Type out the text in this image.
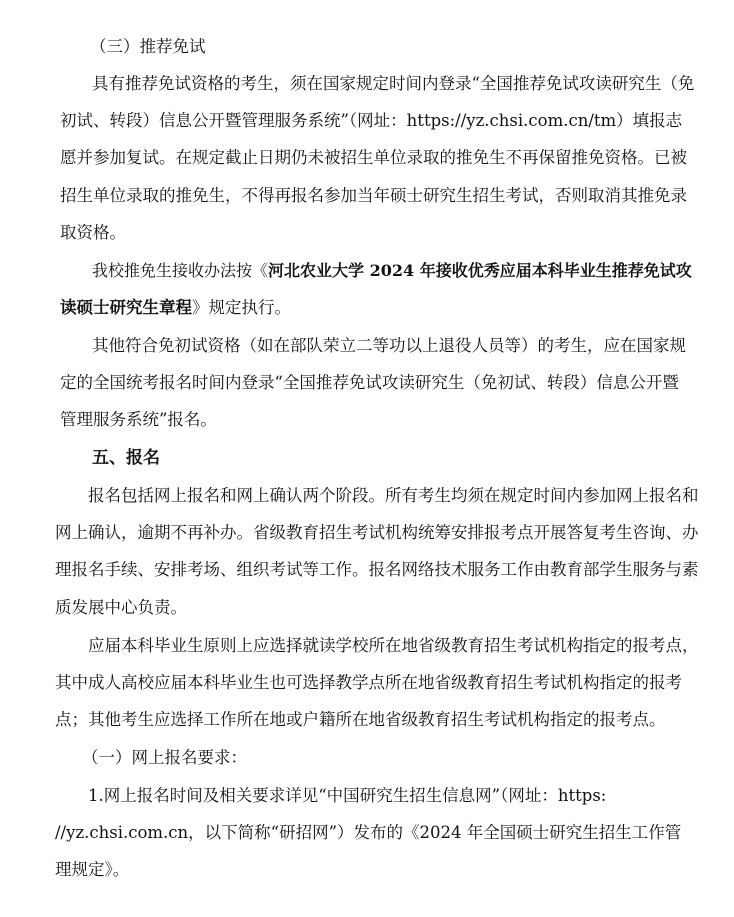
（三）推荐免试
具有推荐免试资格的考生，须在国家规定时间内登录“全国推荐免试攻读研究生（免
初试、转段）信息公开暨管理服务系统”（网址：https://yz.chsi.com.cn/tm）填报志
愿并参加复试。在规定截止日期仍未被招生单位录取的推免生不再保留推免资格。已被
招生单位录取的推免生，不得再报名参加当年硕士研究生招生考试，否则取消其推免录
取资格。
我校推免生接收办法按《河北农业大学 2024 年接收优秀应届本科毕业生推荐免试攻
读硕士研究生章程》规定执行。
其他符合免初试资格（如在部队荣立二等功以上退役人员等）的考生，应在国家规
定的全国统考报名时间内登录“全国推荐免试攻读研究生（免初试、转段）信息公开暨
管理服务系统”报名。
五、报名
报名包括网上报名和网上确认两个阶段。所有考生均须在规定时间内参加网上报名和
网上确认，逾期不再补办。省级教育招生考试机构统筹安排报考点开展答复考生咨询、办
理报名手续、安排考场、组织考试等工作。报名网络技术服务工作由教育部学生服务与素
质发展中心负责。
应届本科毕业生原则上应选择就读学校所在地省级教育招生考试机构指定的报考点，
其中成人高校应届本科毕业生也可选择教学点所在地省级教育招生考试机构指定的报考
点；其他考生应选择工作所在地或户籍所在地省级教育招生考试机构指定的报考点。
（一）网上报名要求：
1.网上报名时间及相关要求详见“中国研究生招生信息网”（网址：https:
//yz.chsi.com.cn，以下简称“研招网”）发布的《2024 年全国硕士研究生招生工作管
理规定》。
